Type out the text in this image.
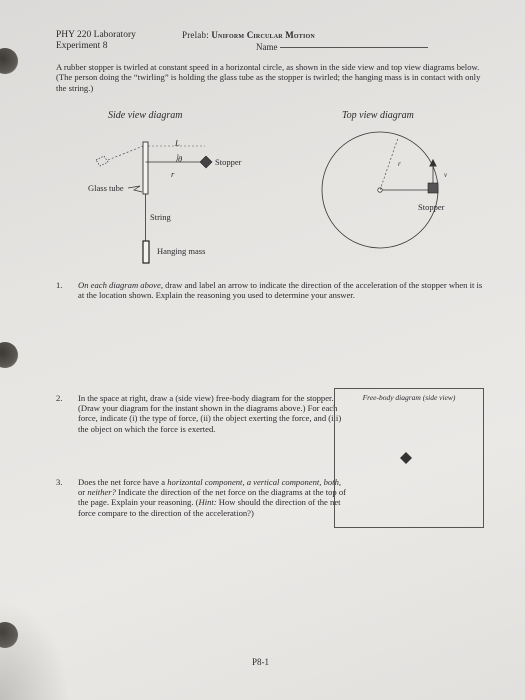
PHY 220 Laboratory
Experiment 8
Prelab: Uniform Circular Motion
Name
A rubber stopper is twirled at constant speed in a horizontal circle, as shown in the side view and top view diagrams below. (The person doing the “twirling” is holding the glass tube as the stopper is twirled; the hanging mass is in contact with only the string.)
Side view diagram	Top view diagram
L
θ
r
Stopper
Glass tube
String
Hanging mass
r
v
Stopper
1. On each diagram above, draw and label an arrow to indicate the direction of the acceleration of the stopper when it is at the location shown. Explain the reasoning you used to determine your answer.
2. In the space at right, draw a (side view) free-body diagram for the stopper. (Draw your diagram for the instant shown in the diagrams above.) For each force, indicate (i) the type of force, (ii) the object exerting the force, and (iii) the object on which the force is exerted.
3. Does the net force have a horizontal component, a vertical component, both, or neither? Indicate the direction of the net force on the diagrams at the top of the page. Explain your reasoning. (Hint: How should the direction of the net force compare to the direction of the acceleration?)
Free-body diagram (side view)
P8-1
